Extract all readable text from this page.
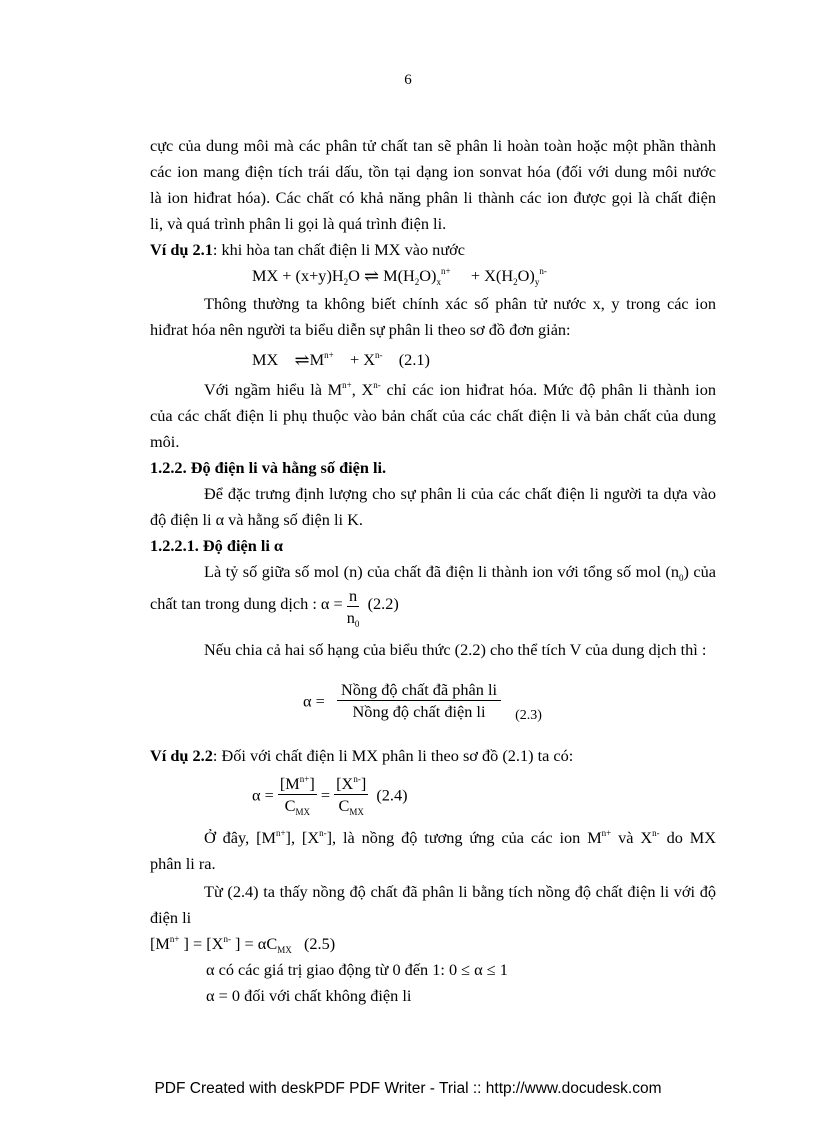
6
cực của dung môi mà các phân tử chất tan sẽ phân li hoàn toàn hoặc một phần thành
các ion mang điện tích trái dấu, tồn tại dạng ion sonvat hóa (đối với dung môi nước
là ion hiđrat hóa). Các chất có khả năng phân li thành các ion được gọi là chất điện
li, và quá trình phân li gọi là quá trình điện li.
Ví dụ 2.1: khi hòa tan chất điện li MX vào nước
MX + $(x+y)H_2O$ ⇌ $M(H_2O)_x^{n+} + X(H_2O)_y^{n-}$
Thông thường ta không biết chính xác số phân tử nước x, y trong các ion
hiđrat hóa nên người ta biểu diễn sự phân li theo sơ đồ đơn giản:
MX $\rightleftharpoons M^{n+} + X^{n-}$ (2.1)
Với ngầm hiểu là $M^{n+}$, $X^{n-}$ chỉ các ion hiđrat hóa. Mức độ phân li thành ion
của các chất điện li phụ thuộc vào bản chất của các chất điện li và bản chất của dung
môi.
1.2.2. Độ điện li và hằng số điện li.
Để đặc trưng định lượng cho sự phân li của các chất điện li người ta dựa vào
độ điện li α và hằng số điện li K.
1.2.2.1. Độ điện li α
Là tỷ số giữa số mol (n) của chất đã điện li thành ion với tổng số mol $(n_0)$ của
chất tan trong dung dịch : $\alpha = \frac{n}{n_0} (2.2)$
Nếu chia cả hai số hạng của biểu thức (2.2) cho thể tích V của dung dịch thì :
α =
Nồng độ chất đã phân li
Nồng độ chất điện li	(2.3)
Ví dụ 2.2: Đối với chất điện li MX phân li theo sơ đồ (2.1) ta có:
α =
$[M^{n+}]$
$C_{MX}$
=
$[X^{n-}]$
$C_{MX}$
(2.4)
Ở đây, $[M^{n+}]$, $[X^{n-}]$, là nồng độ tương ứng của các ion $M^{n+}$ và $X^{n-}$ do MX
phân li ra.
Từ (2.4) ta thấy nồng độ chất đã phân li bằng tích nồng độ chất điện li với độ
điện li
[$M^{n+}$ ] = [$X^{n-}$ ] = $\alpha C_{MX}$ (2.5)
α có các giá trị giao động từ 0 đến 1: 0 ≤ α ≤ 1
α = 0 đối với chất không điện li
PDF Created with deskPDF PDF Writer - Trial :: http://www.docudesk.com
